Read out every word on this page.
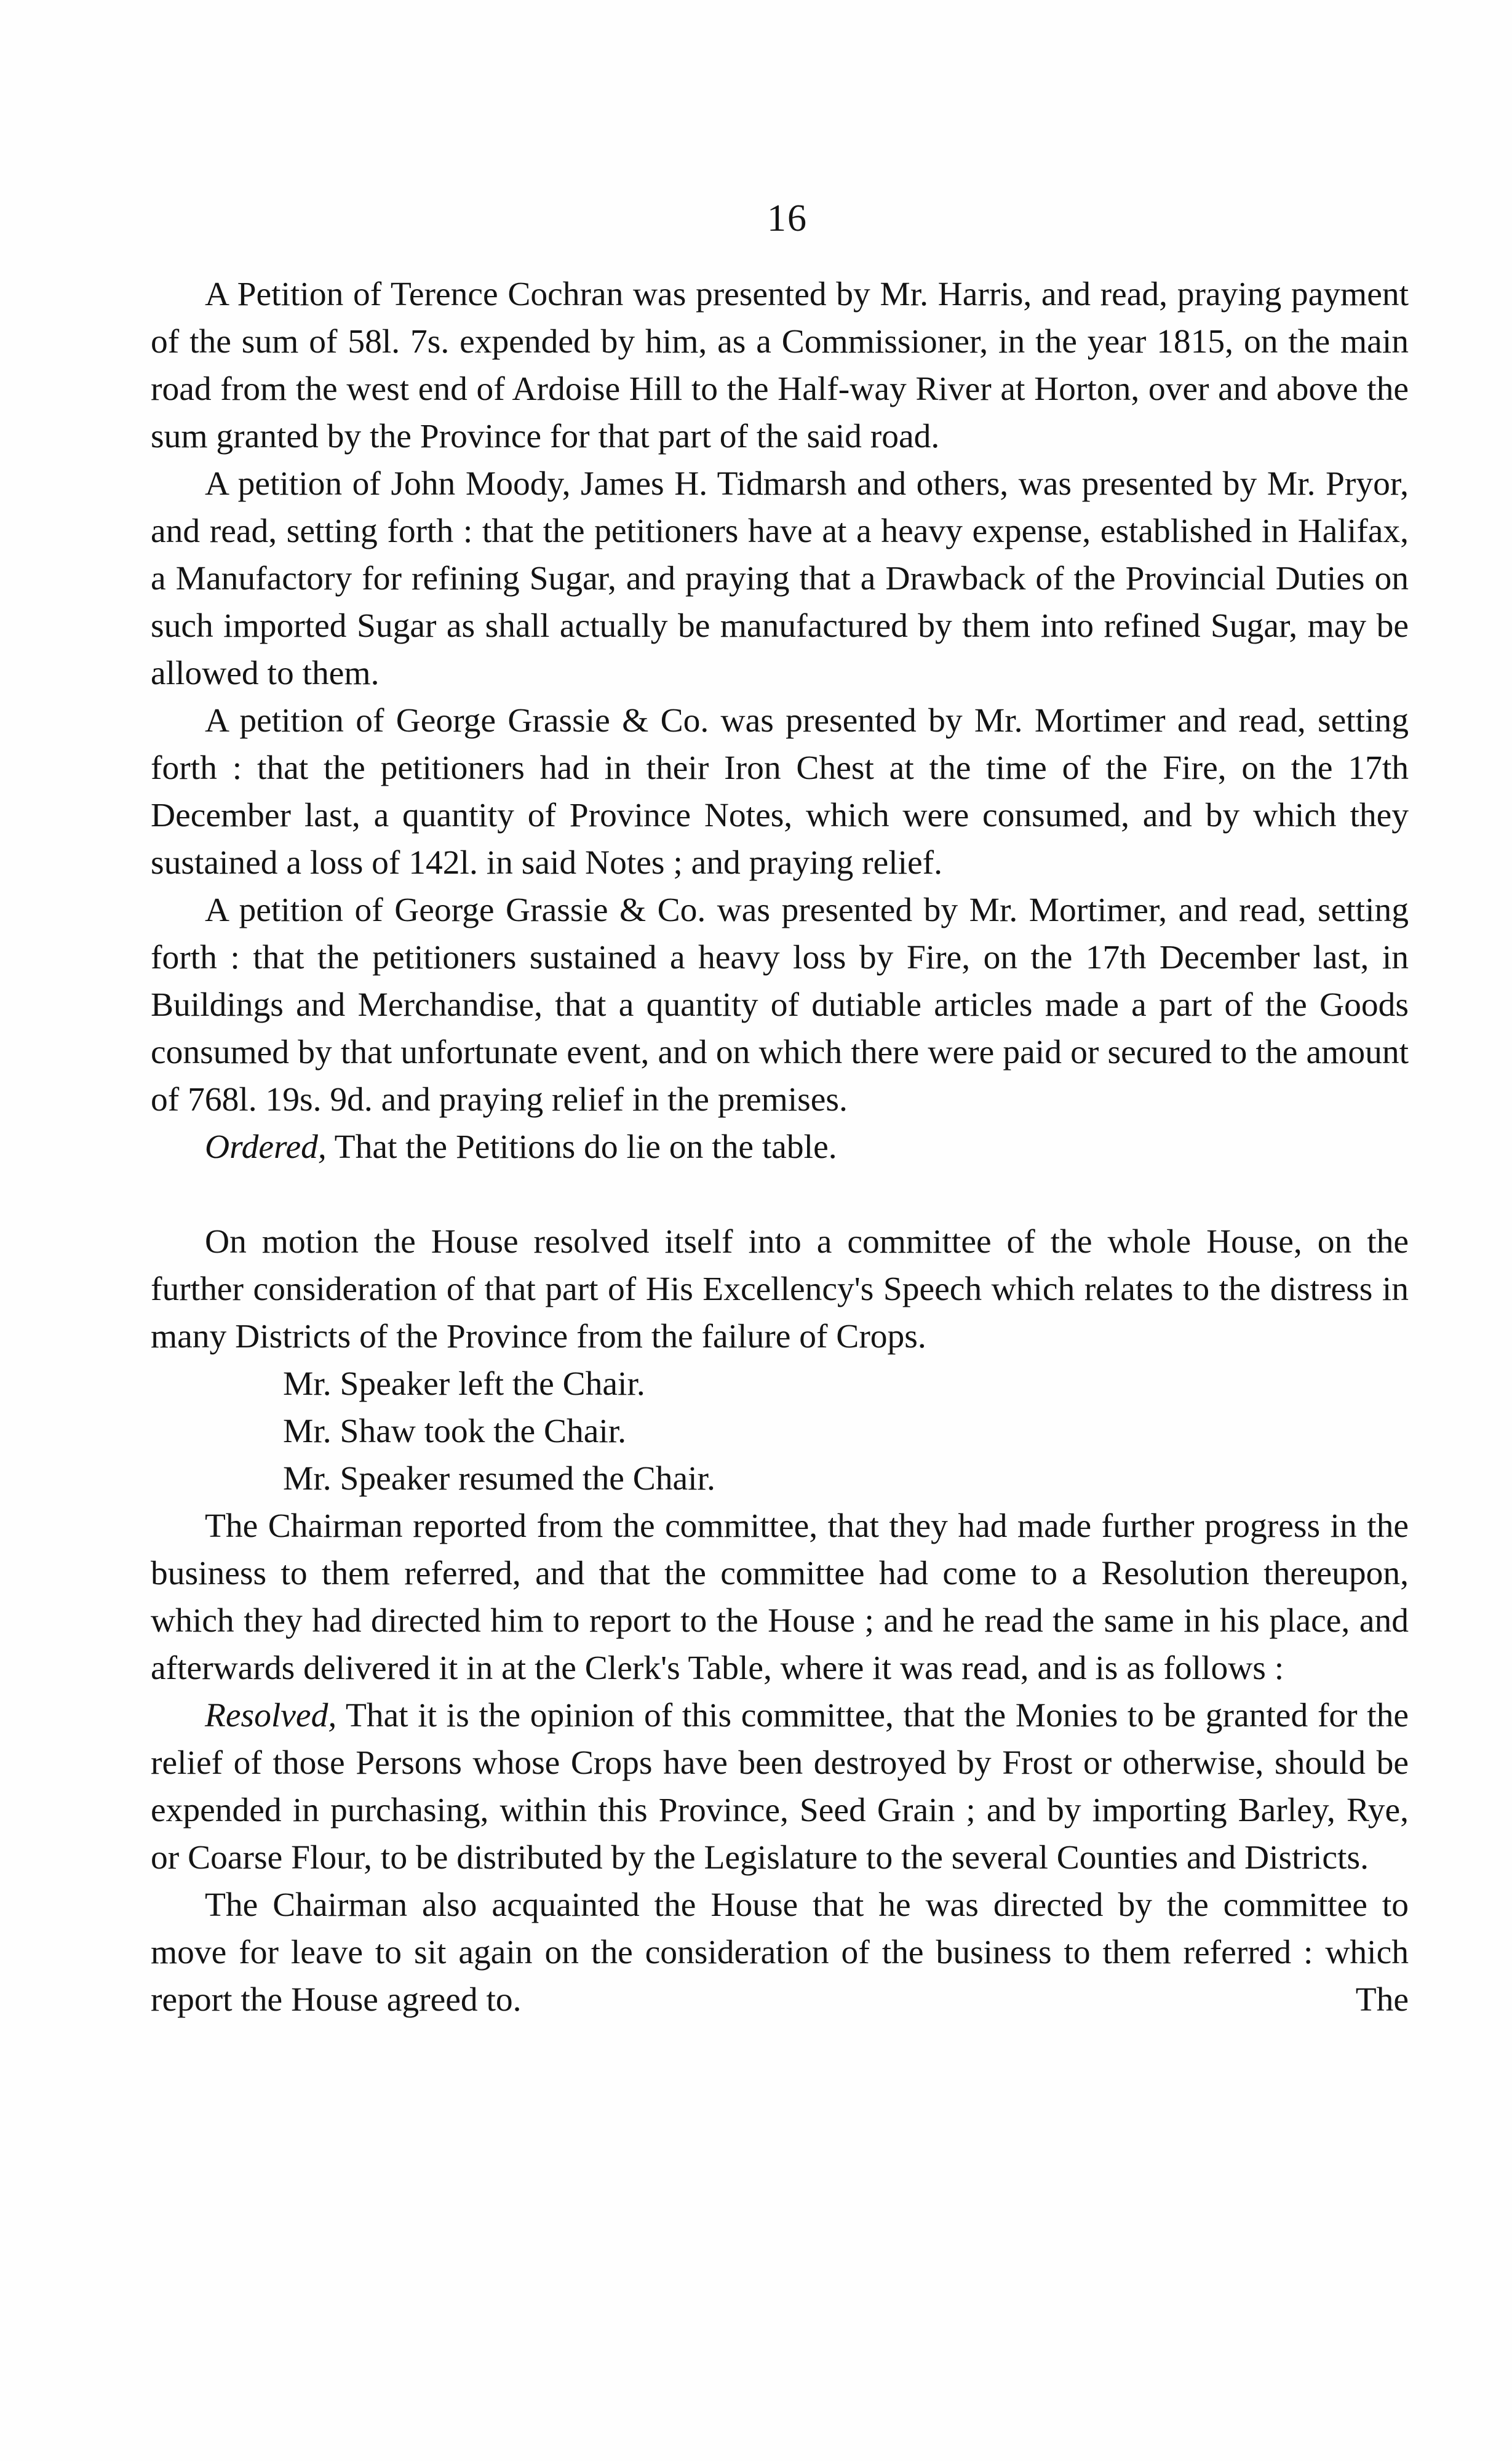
16

A Petition of Terence Cochran was presented by Mr. Harris, and read, praying payment of the sum of 58l. 7s. expended by him, as a Commissioner, in the year 1815, on the main road from the west end of Ardoise Hill to the Half-way River at Horton, over and above the sum granted by the Province for that part of the said road.

A petition of John Moody, James H. Tidmarsh and others, was presented by Mr. Pryor, and read, setting forth : that the petitioners have at a heavy expense, established in Halifax, a Manufactory for refining Sugar, and praying that a Drawback of the Provincial Duties on such imported Sugar as shall actually be manufactured by them into refined Sugar, may be allowed to them.

A petition of George Grassie & Co. was presented by Mr. Mortimer and read, setting forth : that the petitioners had in their Iron Chest at the time of the Fire, on the 17th December last, a quantity of Province Notes, which were consumed, and by which they sustained a loss of 142l. in said Notes ; and praying relief.

A petition of George Grassie & Co. was presented by Mr. Mortimer, and read, setting forth : that the petitioners sustained a heavy loss by Fire, on the 17th December last, in Buildings and Merchandise, that a quantity of dutiable articles made a part of the Goods consumed by that unfortunate event, and on which there were paid or secured to the amount of 768l. 19s. 9d. and praying relief in the premises.

Ordered, That the Petitions do lie on the table.

On motion the House resolved itself into a committee of the whole House, on the further consideration of that part of His Excellency's Speech which relates to the distress in many Districts of the Province from the failure of Crops.

Mr. Speaker left the Chair.

Mr. Shaw took the Chair.

Mr. Speaker resumed the Chair.

The Chairman reported from the committee, that they had made further progress in the business to them referred, and that the committee had come to a Resolution thereupon, which they had directed him to report to the House ; and he read the same in his place, and afterwards delivered it in at the Clerk's Table, where it was read, and is as follows :

Resolved, That it is the opinion of this committee, that the Monies to be granted for the relief of those Persons whose Crops have been destroyed by Frost or otherwise, should be expended in purchasing, within this Province, Seed Grain ; and by importing Barley, Rye, or Coarse Flour, to be distributed by the Legislature to the several Counties and Districts.

The Chairman also acquainted the House that he was directed by the committee to move for leave to sit again on the consideration of the business to them referred : which report the House agreed to.	The
